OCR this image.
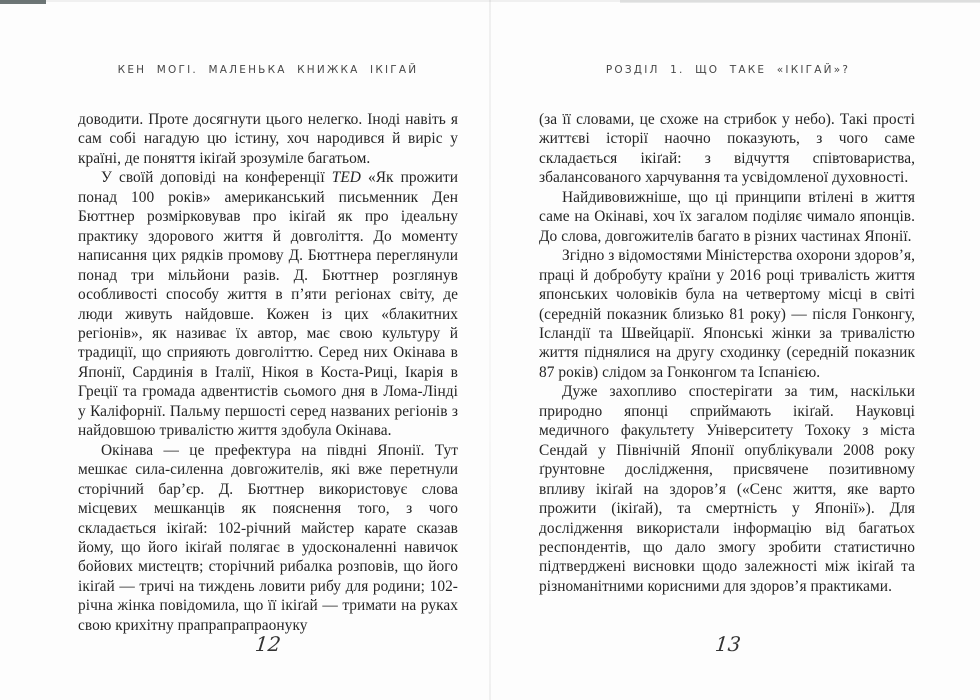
КЕН МОГІ. МАЛЕНЬКА КНИЖКА ІКІГАЙ

доводити. Проте досягнути цього нелегко. Іноді навіть я сам собі нагадую цю істину, хоч народився й виріс у країні, де поняття ікіґай зрозуміле багатьом.

У своїй доповіді на конференції TED «Як прожити понад 100 років» американський письменник Ден Бюттнер розмірковував про ікіґай як про ідеальну практику здорового життя й довголіття. До моменту написання цих рядків промову Д. Бюттнера переглянули понад три мільйони разів. Д. Бюттнер розглянув особливості способу життя в п’яти регіонах світу, де люди живуть найдовше. Кожен із цих «блакитних регіонів», як називає їх автор, має свою культуру й традиції, що сприяють довголіттю. Серед них Окінава в Японії, Сардинія в Італії, Нікоя в Коста-Риці, Ікарія в Греції та громада адвентистів сьомого дня в Лома-Лінді у Каліфорнії. Пальму першості серед названих регіонів з найдовшою тривалістю життя здобула Окінава.

Окінава — це префектура на півдні Японії. Тут мешкає сила-силенна довгожителів, які вже перетнули сторічний бар’єр. Д. Бюттнер використовує слова місцевих мешканців як пояснення того, з чого складається ікіґай: 102-річний майстер карате сказав йому, що його ікіґай полягає в удосконаленні навичок бойових мистецтв; сторічний рибалка розповів, що його ікіґай — тричі на тиждень ловити рибу для родини; 102-річна жінка повідомила, що її ікіґай — тримати на руках свою крихітну прапрапрапраонуку

12
РОЗДІЛ 1. ЩО ТАКЕ «ІКІГАЙ»?

(за її словами, це схоже на стрибок у небо). Такі прості життєві історії наочно показують, з чого саме складається ікіґай: з відчуття співтовариства, збалансованого харчування та усвідомленої духовності.

Найдивовижніше, що ці принципи втілені в життя саме на Окінаві, хоч їх загалом поділяє чимало японців. До слова, довгожителів багато в різних частинах Японії.

Згідно з відомостями Міністерства охорони здоров’я, праці й добробуту країни у 2016 році тривалість життя японських чоловіків була на четвертому місці в світі (середній показник близько 81 року) — після Гонконгу, Ісландії та Швейцарії. Японські жінки за тривалістю життя піднялися на другу сходинку (середній показник 87 років) слідом за Гонконгом та Іспанією.

Дуже захопливо спостерігати за тим, наскільки природно японці сприймають ікіґай. Науковці медичного факультету Університету Тохоку з міста Сендай у Північній Японії опублікували 2008 року ґрунтовне дослідження, присвячене позитивному впливу ікіґай на здоров’я («Сенс життя, яке варто прожити (ікіґай), та смертність у Японії»). Для дослідження використали інформацію від багатьох респондентів, що дало змогу зробити статистично підтверджені висновки щодо залежності між ікіґай та різноманітними корисними для здоров’я практиками.

13
